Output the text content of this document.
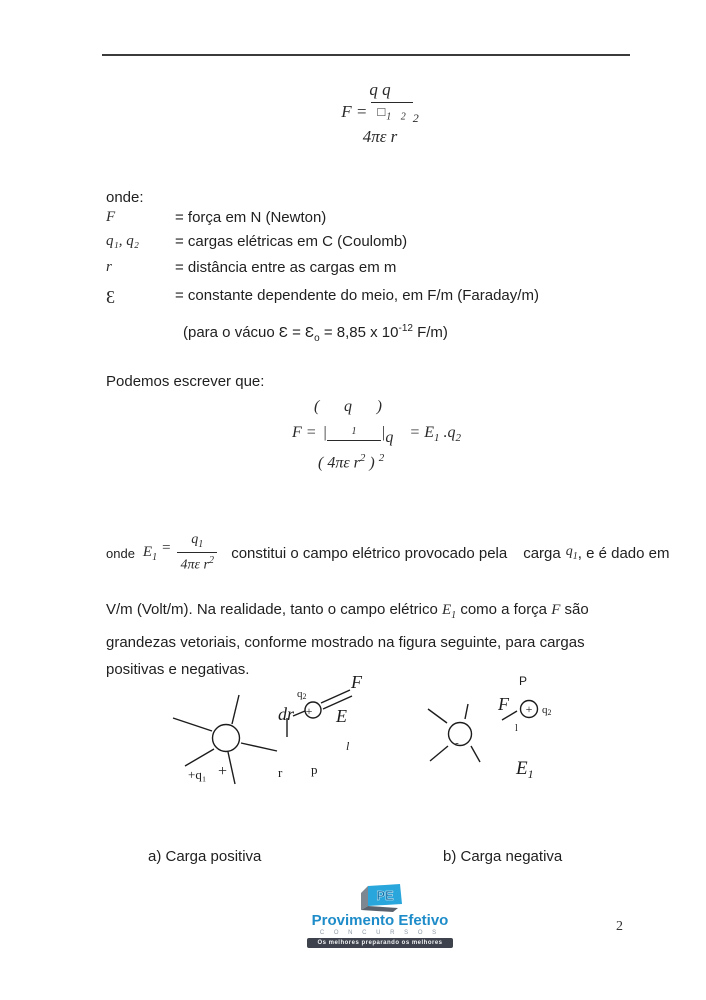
q q
$F = □_1$ $_2$ 2
4πε r
onde:
F	= força em N (Newton)
q₁, q₂	= cargas elétricas em C (Coulomb)
r	= distância entre as cargas em m
Ɛ	= constante dependente do meio, em F/m (Faraday/m)
(para o vácuo Ɛ = $Ɛ_o = 8,85$ x $10^{-12}$ F/m)
Podemos escrever que:
( q )
F = |	1	| $q = E_1$ $.q_2$
( 4πε $r^2$ ) $^2$
onde $E_1$
= $\frac{q_1}{4\pi\varepsilon r^2}$ constitui o campo elétrico provocado pela carga $q_1$ , e é dado em
V/m (Volt/m). Na realidade, tanto o campo elétrico $E_1$ como a força F são grandezas vetoriais, conforme mostrado na figura seguinte, para cargas positivas e negativas.
+
+q₁
+
q2
dr
F
E
l
r p
-
P
F + q2
l
$E_1$
a) Carga positiva	b) Carga negativa
PE
Provimento Efetivo
C O N C U R S O S
Os melhores preparando os melhores
2
